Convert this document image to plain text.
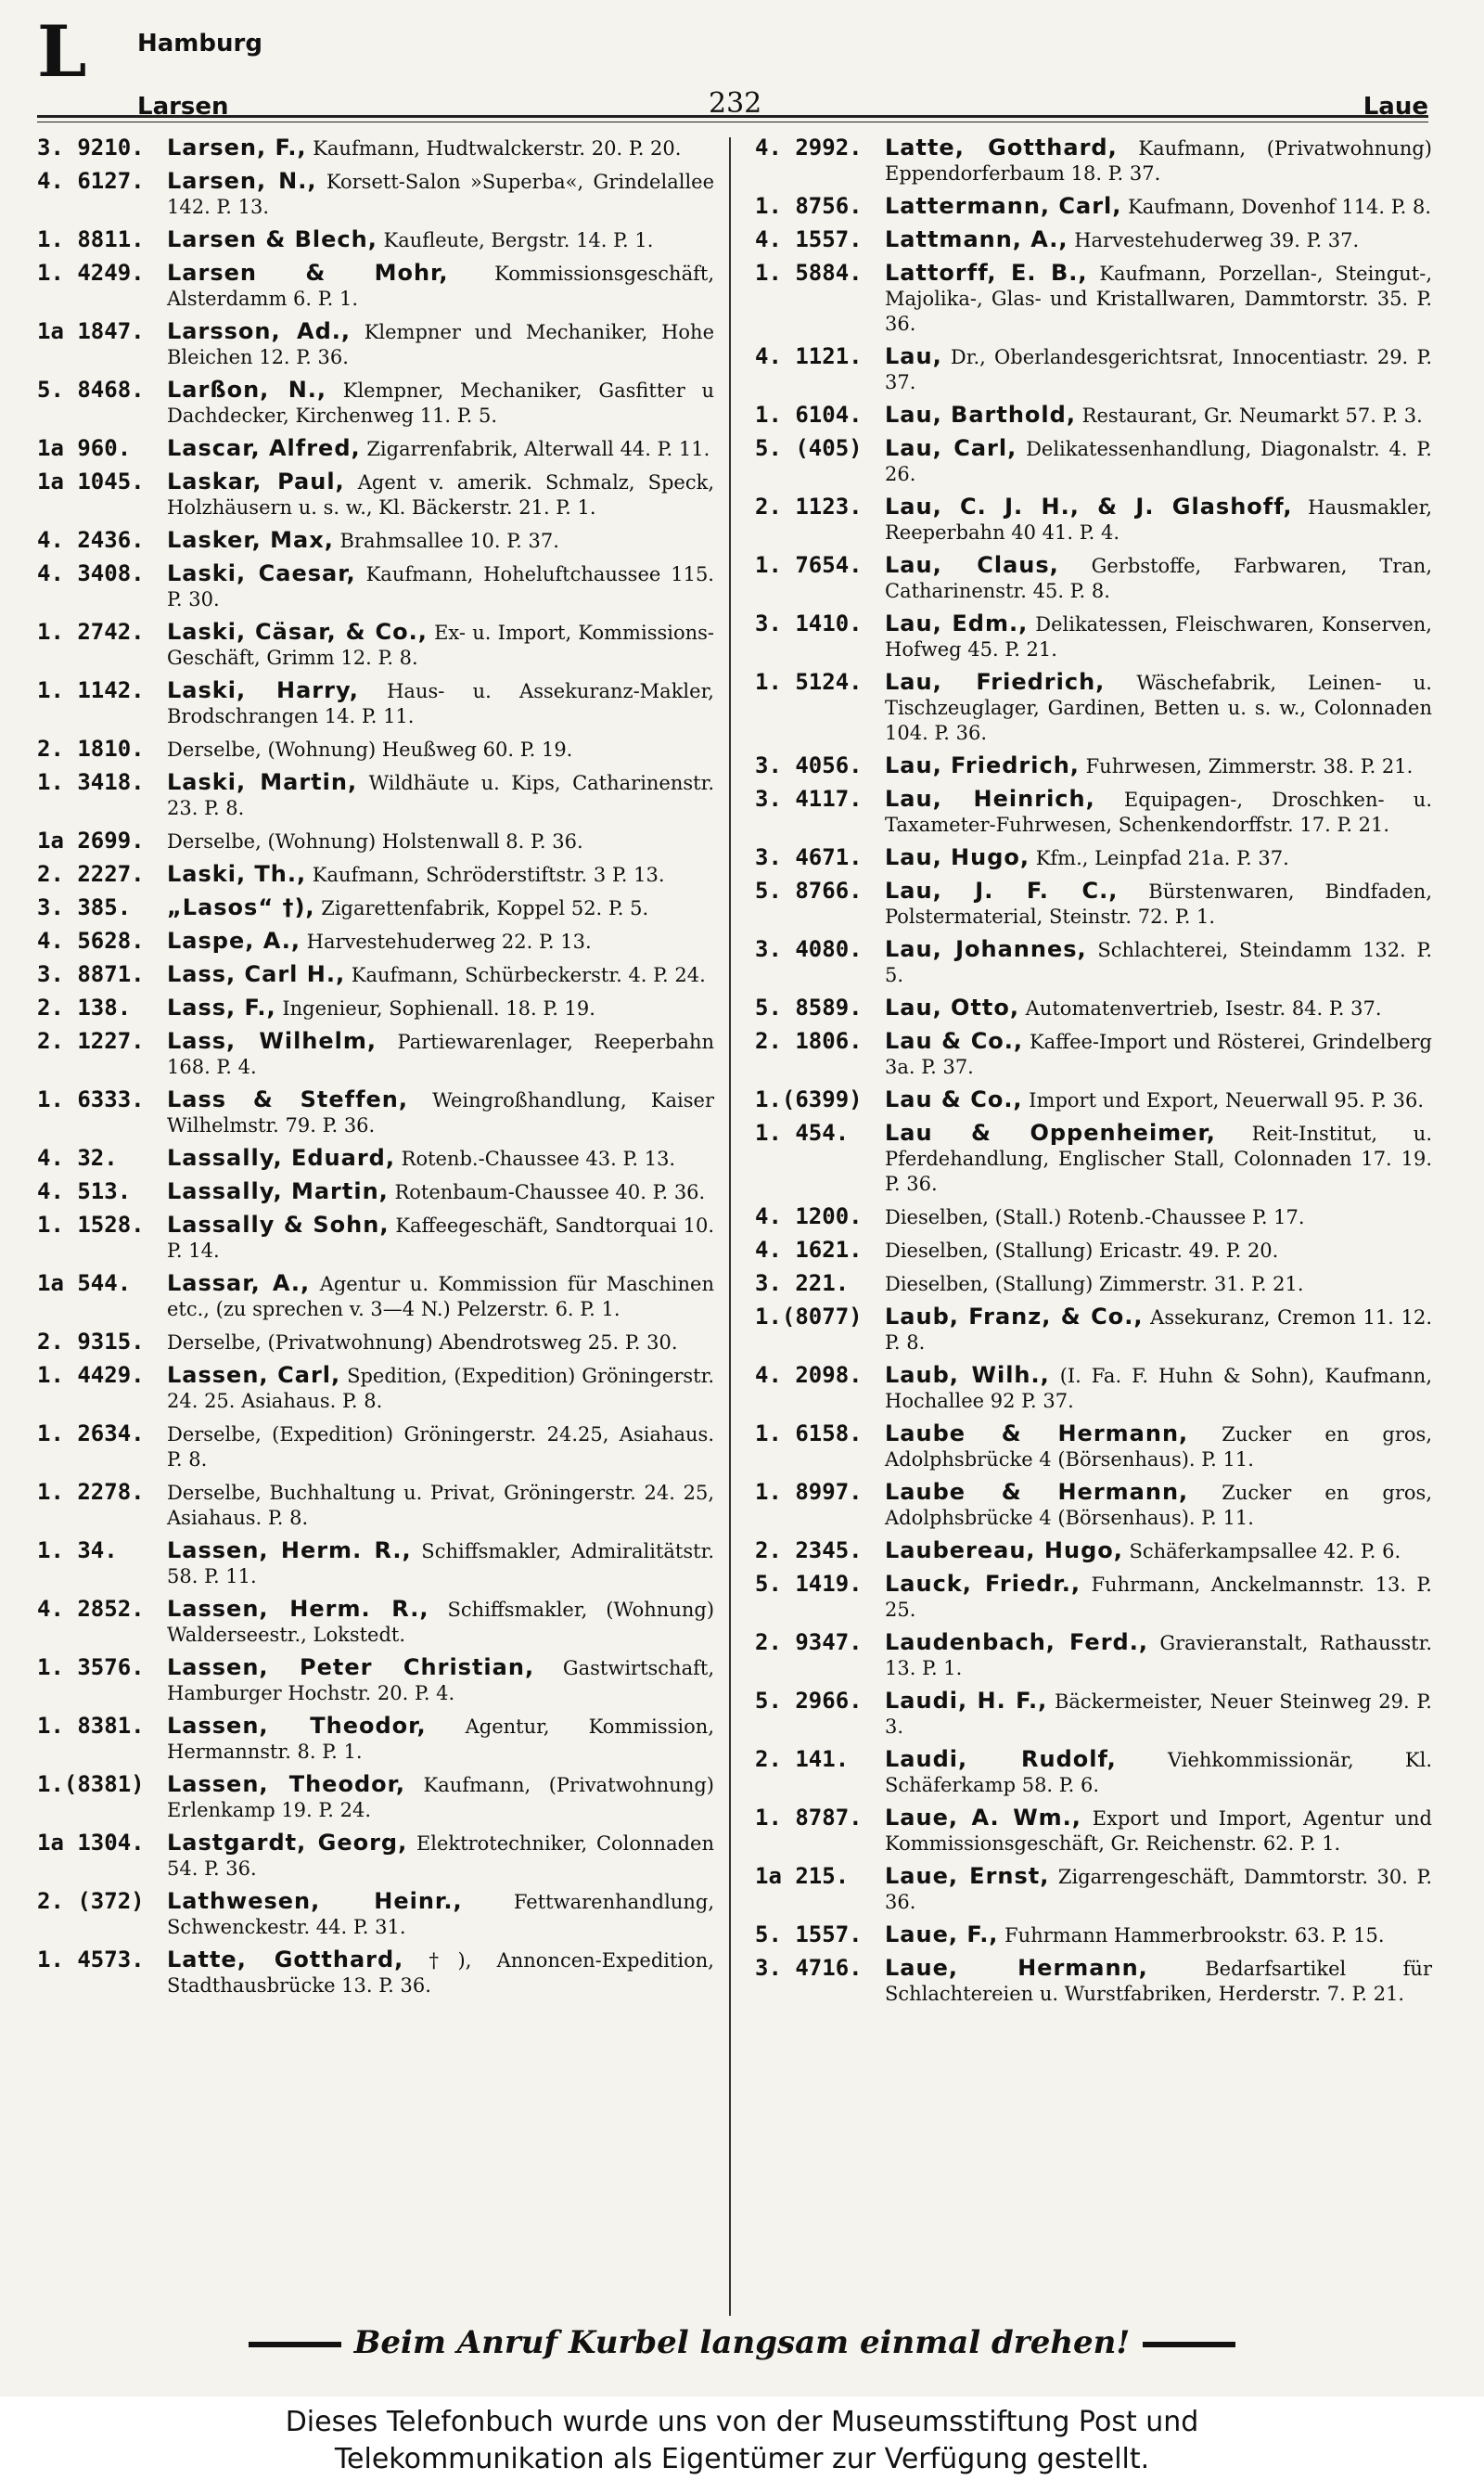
L Hamburg
Larsen	232	Laue
3. 9210.	Larsen, F., Kaufmann, Hudtwalckerstr. 20. P. 20.
4. 6127.	Larsen, N., Korsett-Salon »Superba«, Grindelallee 142. P. 13.
1. 8811.	Larsen & Blech, Kaufleute, Bergstr. 14. P. 1.
1. 4249.	Larsen & Mohr, Kommissionsgeschäft, Alsterdamm 6. P. 1.
1a 1847.	Larsson, Ad., Klempner und Mechaniker, Hohe Bleichen 12. P. 36.
5. 8468.	Larßon, N., Klempner, Mechaniker, Gasfitter u Dachdecker, Kirchenweg 11. P. 5.
1a 960.	Lascar, Alfred, Zigarrenfabrik, Alterwall 44. P. 11.
1a 1045.	Laskar, Paul, Agent v. amerik. Schmalz, Speck, Holzhäusern u. s. w., Kl. Bäckerstr. 21. P. 1.
4. 2436.	Lasker, Max, Brahmsallee 10. P. 37.
4. 3408.	Laski, Caesar, Kaufmann, Hoheluftchaussee 115. P. 30.
1. 2742.	Laski, Cäsar, & Co., Ex- u. Import, Kommissions-Geschäft, Grimm 12. P. 8.
1. 1142.	Laski, Harry, Haus- u. Assekuranz-Makler, Brodschrangen 14. P. 11.
2. 1810.	Derselbe, (Wohnung) Heußweg 60. P. 19.
1. 3418.	Laski, Martin, Wildhäute u. Kips, Catharinenstr. 23. P. 8.
1a 2699.	Derselbe, (Wohnung) Holstenwall 8. P. 36.
2. 2227.	Laski, Th., Kaufmann, Schröderstiftstr. 3 P. 13.
3. 385.	„Lasos“ †), Zigarettenfabrik, Koppel 52. P. 5.
4. 5628.	Laspe, A., Harvestehuderweg 22. P. 13.
3. 8871.	Lass, Carl H., Kaufmann, Schürbeckerstr. 4. P. 24.
2. 138.	Lass, F., Ingenieur, Sophienall. 18. P. 19.
2. 1227.	Lass, Wilhelm, Partiewarenlager, Reeperbahn 168. P. 4.
1. 6333.	Lass & Steffen, Weingroßhandlung, Kaiser Wilhelmstr. 79. P. 36.
4. 32.	Lassally, Eduard, Rotenb.-Chaussee 43. P. 13.
4. 513.	Lassally, Martin, Rotenbaum-Chaussee 40. P. 36.
1. 1528.	Lassally & Sohn, Kaffeegeschäft, Sandtorquai 10. P. 14.
1a 544.	Lassar, A., Agentur u. Kommission für Maschinen etc., (zu sprechen v. 3—4 N.) Pelzerstr. 6. P. 1.
2. 9315.	Derselbe, (Privatwohnung) Abendrotsweg 25. P. 30.
1. 4429.	Lassen, Carl, Spedition, (Expedition) Gröningerstr. 24. 25. Asiahaus. P. 8.
1. 2634.	Derselbe, (Expedition) Gröningerstr. 24.25, Asiahaus. P. 8.
1. 2278.	Derselbe, Buchhaltung u. Privat, Gröningerstr. 24. 25, Asiahaus. P. 8.
1. 34.	Lassen, Herm. R., Schiffsmakler, Admiralitätstr. 58. P. 11.
4. 2852.	Lassen, Herm. R., Schiffsmakler, (Wohnung) Walderseestr., Lokstedt.
1. 3576.	Lassen, Peter Christian, Gastwirtschaft, Hamburger Hochstr. 20. P. 4.
1. 8381.	Lassen, Theodor, Agentur, Kommission, Hermannstr. 8. P. 1.
1.(8381)	Lassen, Theodor, Kaufmann, (Privatwohnung) Erlenkamp 19. P. 24.
1a 1304.	Lastgardt, Georg, Elektrotechniker, Colonnaden 54. P. 36.
2. (372)	Lathwesen, Heinr., Fettwarenhandlung, Schwenckestr. 44. P. 31.
1. 4573.	Latte, Gotthard, †), Annoncen-Expedition, Stadthausbrücke 13. P. 36.
4. 2992.	Latte, Gotthard, Kaufmann, (Privatwohnung) Eppendorferbaum 18. P. 37.
1. 8756.	Lattermann, Carl, Kaufmann, Dovenhof 114. P. 8.
4. 1557.	Lattmann, A., Harvestehuderweg 39. P. 37.
1. 5884.	Lattorff, E. B., Kaufmann, Porzellan-, Steingut-, Majolika-, Glas- und Kristallwaren, Dammtorstr. 35. P. 36.
4. 1121.	Lau, Dr., Oberlandesgerichtsrat, Innocentiastr. 29. P. 37.
1. 6104.	Lau, Barthold, Restaurant, Gr. Neumarkt 57. P. 3.
5. (405)	Lau, Carl, Delikatessenhandlung, Diagonalstr. 4. P. 26.
2. 1123.	Lau, C. J. H., & J. Glashoff, Hausmakler, Reeperbahn 40 41. P. 4.
1. 7654.	Lau, Claus, Gerbstoffe, Farbwaren, Tran, Catharinenstr. 45. P. 8.
3. 1410.	Lau, Edm., Delikatessen, Fleischwaren, Konserven, Hofweg 45. P. 21.
1. 5124.	Lau, Friedrich, Wäschefabrik, Leinen- u. Tischzeuglager, Gardinen, Betten u. s. w., Colonnaden 104. P. 36.
3. 4056.	Lau, Friedrich, Fuhrwesen, Zimmerstr. 38. P. 21.
3. 4117.	Lau, Heinrich, Equipagen-, Droschken- u. Taxameter-Fuhrwesen, Schenkendorffstr. 17. P. 21.
3. 4671.	Lau, Hugo, Kfm., Leinpfad 21a. P. 37.
5. 8766.	Lau, J. F. C., Bürstenwaren, Bindfaden, Polstermaterial, Steinstr. 72. P. 1.
3. 4080.	Lau, Johannes, Schlachterei, Steindamm 132. P. 5.
5. 8589.	Lau, Otto, Automatenvertrieb, Isestr. 84. P. 37.
2. 1806.	Lau & Co., Kaffee-Import und Rösterei, Grindelberg 3a. P. 37.
1.(6399)	Lau & Co., Import und Export, Neuerwall 95. P. 36.
1. 454.	Lau & Oppenheimer, Reit-Institut, u. Pferdehandlung, Englischer Stall, Colonnaden 17. 19. P. 36.
4. 1200.	Dieselben, (Stall.) Rotenb.-Chaussee P. 17.
4. 1621.	Dieselben, (Stallung) Ericastr. 49. P. 20.
3. 221.	Dieselben, (Stallung) Zimmerstr. 31. P. 21.
1.(8077)	Laub, Franz, & Co., Assekuranz, Cremon 11. 12. P. 8.
4. 2098.	Laub, Wilh., (I. Fa. F. Huhn & Sohn), Kaufmann, Hochallee 92 P. 37.
1. 6158.	Laube & Hermann, Zucker en gros, Adolphsbrücke 4 (Börsenhaus). P. 11.
1. 8997.	Laube & Hermann, Zucker en gros, Adolphsbrücke 4 (Börsenhaus). P. 11.
2. 2345.	Laubereau, Hugo, Schäferkampsallee 42. P. 6.
5. 1419.	Lauck, Friedr., Fuhrmann, Anckelmannstr. 13. P. 25.
2. 9347.	Laudenbach, Ferd., Gravieranstalt, Rathausstr. 13. P. 1.
5. 2966.	Laudi, H. F., Bäckermeister, Neuer Steinweg 29. P. 3.
2. 141.	Laudi, Rudolf, Viehkommissionär, Kl. Schäferkamp 58. P. 6.
1. 8787.	Laue, A. Wm., Export und Import, Agentur und Kommissionsgeschäft, Gr. Reichenstr. 62. P. 1.
1a 215.	Laue, Ernst, Zigarrengeschäft, Dammtorstr. 30. P. 36.
5. 1557.	Laue, F., Fuhrmann Hammerbrookstr. 63. P. 15.
3. 4716.	Laue, Hermann, Bedarfsartikel für Schlachtereien u. Wurstfabriken, Herderstr. 7. P. 21.
Beim Anruf Kurbel langsam einmal drehen!
Dieses Telefonbuch wurde uns von der Museumsstiftung Post und
Telekommunikation als Eigentümer zur Verfügung gestellt.
